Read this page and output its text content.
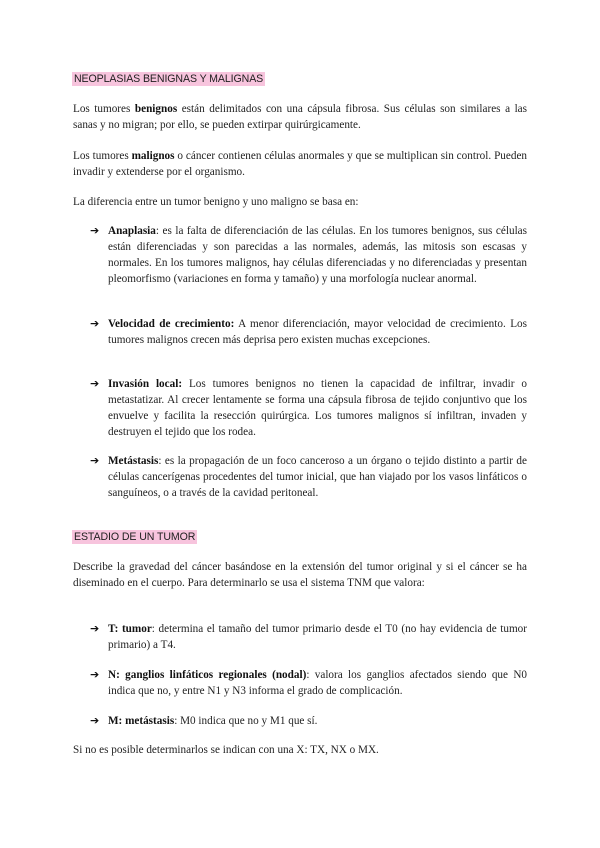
NEOPLASIAS BENIGNAS Y MALIGNAS

Los tumores benignos están delimitados con una cápsula fibrosa. Sus células son similares a las sanas y no migran; por ello, se pueden extirpar quirúrgicamente.

Los tumores malignos o cáncer contienen células anormales y que se multiplican sin control. Pueden invadir y extenderse por el organismo.

La diferencia entre un tumor benigno y uno maligno se basa en:

➔ Anaplasia: es la falta de diferenciación de las células. En los tumores benignos, sus células están diferenciadas y son parecidas a las normales, además, las mitosis son escasas y normales. En los tumores malignos, hay células diferenciadas y no diferenciadas y presentan pleomorfismo (variaciones en forma y tamaño) y una morfología nuclear anormal.
➔ Velocidad de crecimiento: A menor diferenciación, mayor velocidad de crecimiento. Los tumores malignos crecen más deprisa pero existen muchas excepciones.
➔ Invasión local: Los tumores benignos no tienen la capacidad de infiltrar, invadir o metastatizar. Al crecer lentamente se forma una cápsula fibrosa de tejido conjuntivo que los envuelve y facilita la resección quirúrgica. Los tumores malignos sí infiltran, invaden y destruyen el tejido que los rodea.
➔ Metástasis: es la propagación de un foco canceroso a un órgano o tejido distinto a partir de células cancerígenas procedentes del tumor inicial, que han viajado por los vasos linfáticos o sanguíneos, o a través de la cavidad peritoneal.
ESTADIO DE UN TUMOR

Describe la gravedad del cáncer basándose en la extensión del tumor original y si el cáncer se ha diseminado en el cuerpo. Para determinarlo se usa el sistema TNM que valora:

➔ T: tumor: determina el tamaño del tumor primario desde el T0 (no hay evidencia de tumor primario) a T4.
➔ N: ganglios linfáticos regionales (nodal): valora los ganglios afectados siendo que N0 indica que no, y entre N1 y N3 informa el grado de complicación.
➔ M: metástasis: M0 indica que no y M1 que sí.

Si no es posible determinarlos se indican con una X: TX, NX o MX.
